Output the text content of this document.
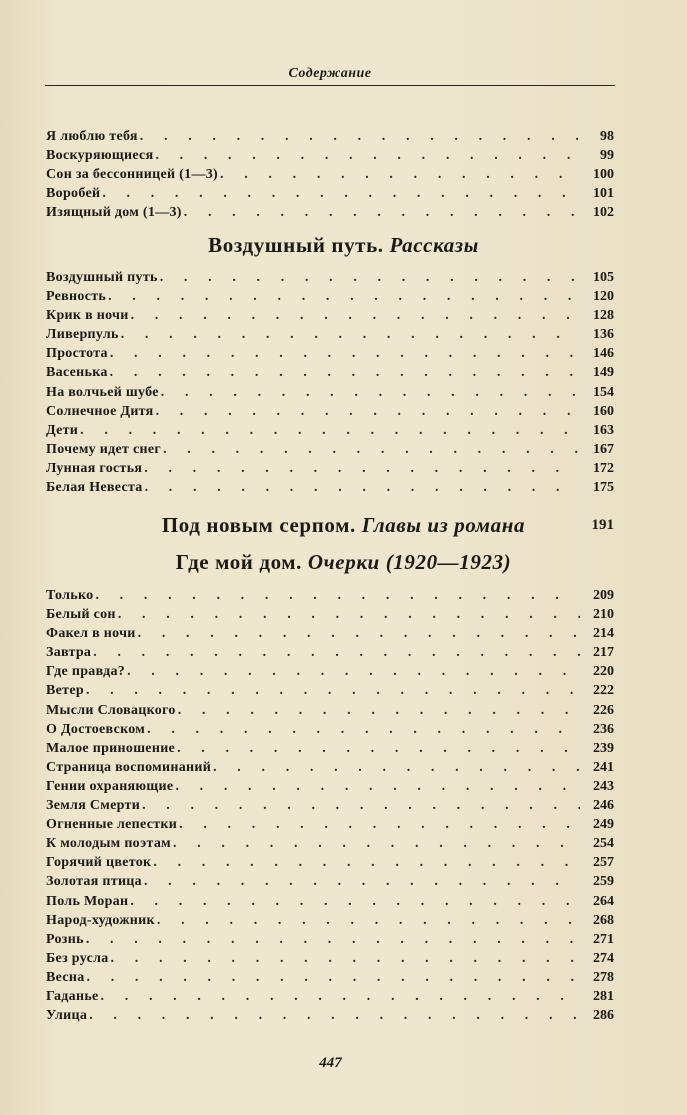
Содержание
Я люблю тебя . . .	98
Воскуряющиеся . . .	99
Сон за бессонницей (1—3) . . .	100
Воробей . . .	101
Изящный дом (1—3) . . .	102
Воздушный путь. Рассказы
Воздушный путь . . .	105
Ревность . . .	120
Крик в ночи . . .	128
Ливерпуль . . .	136
Простота . . .	146
Васенька . . .	149
На волчьей шубе . . .	154
Солнечное Дитя . . .	160
Дети . . .	163
Почему идет снег . . .	167
Лунная гостья . . .	172
Белая Невеста . . .	175
Под новым серпом. Главы из романа	191
Где мой дом. Очерки (1920—1923)
Только . . .	209
Белый сон . . .	210
Факел в ночи . . .	214
Завтра . . .	217
Где правда? . . .	220
Ветер . . .	222
Мысли Словацкого . . .	226
О Достоевском . . .	236
Малое приношение . . .	239
Страница воспоминаний . . .	241
Гении охраняющие . . .	243
Земля Смерти . . .	246
Огненные лепестки . . .	249
К молодым поэтам . . .	254
Горячий цветок . . .	257
Золотая птица . . .	259
Поль Моран . . .	264
Народ-художник . . .	268
Рознь . . .	271
Без русла . . .	274
Весна . . .	278
Гаданье . . .	281
Улица . . .	286
447
